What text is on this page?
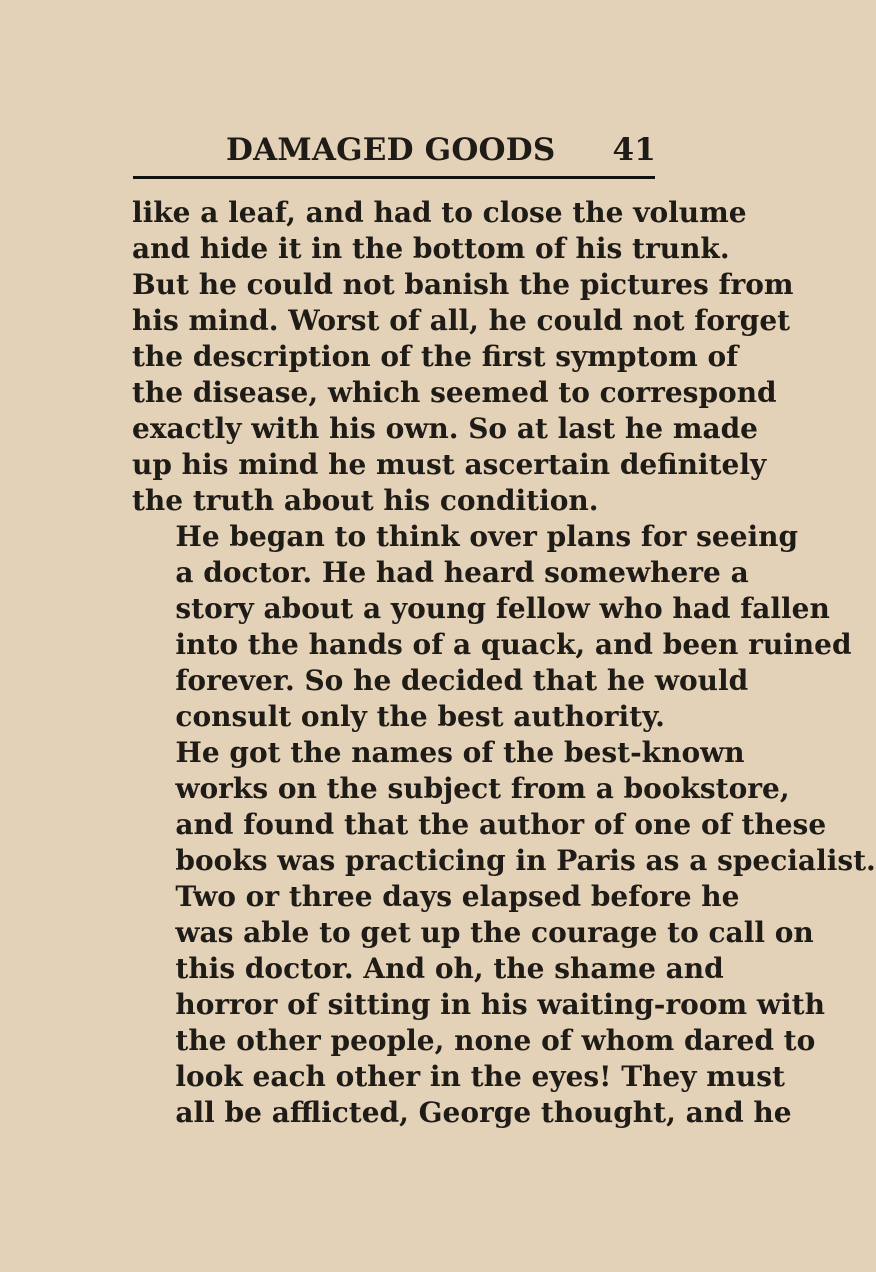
DAMAGED GOODS 41

like a leaf, and had to close the volume
and hide it in the bottom of his trunk.
But he could not banish the pictures from
his mind. Worst of all, he could not forget
the description of the first symptom of
the disease, which seemed to correspond
exactly with his own. So at last he made
up his mind he must ascertain definitely
the truth about his condition.

He began to think over plans for seeing
a doctor. He had heard somewhere a
story about a young fellow who had fallen
into the hands of a quack, and been ruined
forever. So he decided that he would
consult only the best authority.

He got the names of the best-known
works on the subject from a bookstore,
and found that the author of one of these
books was practicing in Paris as a specialist.
Two or three days elapsed before he
was able to get up the courage to call on
this doctor. And oh, the shame and
horror of sitting in his waiting-room with
the other people, none of whom dared to
look each other in the eyes! They must
all be afflicted, George thought, and he
